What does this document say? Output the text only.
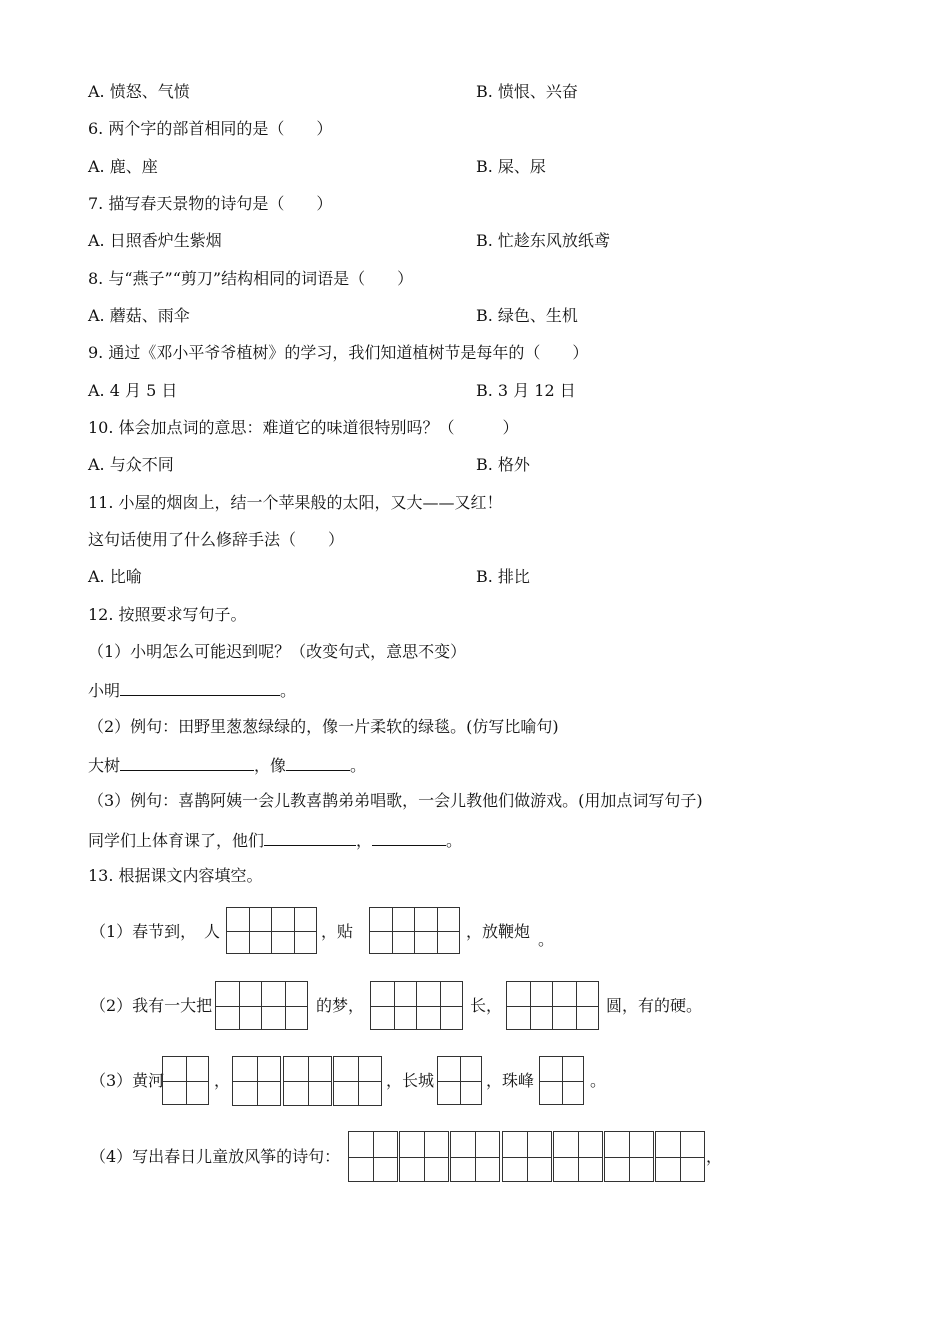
A. 愤怒、气愤	B. 愤恨、兴奋
6. 两个字的部首相同的是（　　）
A. 鹿、座	B. 屎、尿
7. 描写春天景物的诗句是（　　）
A. 日照香炉生紫烟	B. 忙趁东风放纸鸢
8. 与“燕子”“剪刀”结构相同的词语是（　　）
A. 蘑菇、雨伞	B. 绿色、生机
9. 通过《邓小平爷爷植树》的学习，我们知道植树节是每年的（　　）
A. 4 月 5 日	B. 3 月 12 日
10. 体会加点词的意思：难道它的味道很特别吗？（　　　）
A. 与众不同	B. 格外
11. 小屋的烟囱上，结一个苹果般的太阳，又大——又红！
这句话使用了什么修辞手法（　　）
A. 比喻	B. 排比
12. 按照要求写句子。
（1）小明怎么可能迟到呢？（改变句式，意思不变）
小明	。
（2）例句：田野里葱葱绿绿的，像一片柔软的绿毯。(仿写比喻句)
大树	，像	。
（3）例句：喜鹊阿姨一会儿教喜鹊弟弟唱歌，一会儿教他们做游戏。(用加点词写句子)
同学们上体育课了，他们	，	。
13. 根据课文内容填空。
（1）春节到， 人	，贴	，放鞭炮 。
（2）我有一大把	的梦，	长，	圆，有的硬。
（3）黄河	，	，长城	，珠峰	。
（4）写出春日儿童放风筝的诗句：	，
